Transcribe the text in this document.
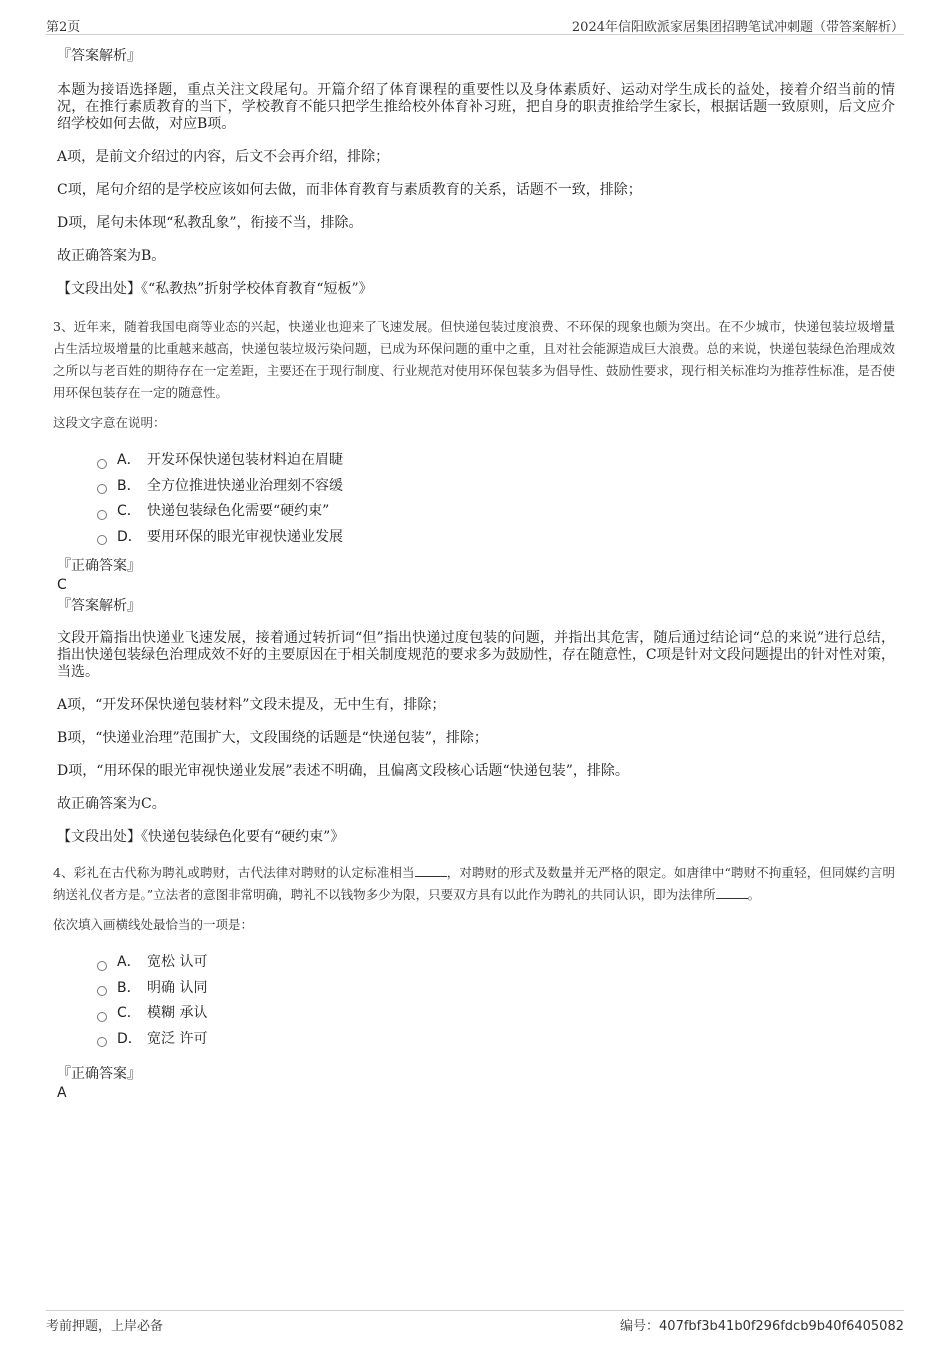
第2页	2024年信阳欧派家居集团招聘笔试冲刺题（带答案解析）

『答案解析』

本题为接语选择题，重点关注文段尾句。开篇介绍了体育课程的重要性以及身体素质好、运动对学生成长的益处，接着介绍当前的情况，在推行素质教育的当下，学校教育不能只把学生推给校外体育补习班，把自身的职责推给学生家长，根据话题一致原则，后文应介绍学校如何去做，对应B项。

A项，是前文介绍过的内容，后文不会再介绍，排除；

C项，尾句介绍的是学校应该如何去做，而非体育教育与素质教育的关系，话题不一致，排除；

D项，尾句未体现“私教乱象”，衔接不当，排除。

故正确答案为B。

【文段出处】《“私教热”折射学校体育教育“短板”》

3、近年来，随着我国电商等业态的兴起，快递业也迎来了飞速发展。但快递包装过度浪费、不环保的现象也颇为突出。在不少城市，快递包装垃圾增量占生活垃圾增量的比重越来越高，快递包装垃圾污染问题，已成为环保问题的重中之重，且对社会能源造成巨大浪费。总的来说，快递包装绿色治理成效之所以与老百姓的期待存在一定差距，主要还在于现行制度、行业规范对使用环保包装多为倡导性、鼓励性要求，现行相关标准均为推荐性标准，是否使用环保包装存在一定的随意性。

这段文字意在说明：

A． 开发环保快递包装材料迫在眉睫
B． 全方位推进快递业治理刻不容缓
C． 快递包装绿色化需要“硬约束”
D． 要用环保的眼光审视快递业发展

『正确答案』

C

『答案解析』

文段开篇指出快递业飞速发展，接着通过转折词“但”指出快递过度包装的问题，并指出其危害，随后通过结论词“总的来说”进行总结，指出快递包装绿色治理成效不好的主要原因在于相关制度规范的要求多为鼓励性，存在随意性，C项是针对文段问题提出的针对性对策，当选。

A项，“开发环保快递包装材料”文段未提及，无中生有，排除；

B项，“快递业治理”范围扩大，文段围绕的话题是“快递包装”，排除；

D项，“用环保的眼光审视快递业发展”表述不明确，且偏离文段核心话题“快递包装”，排除。

故正确答案为C。

【文段出处】《快递包装绿色化要有“硬约束”》

4、彩礼在古代称为聘礼或聘财，古代法律对聘财的认定标准相当	，对聘财的形式及数量并无严格的限定。如唐律中“聘财不拘重轻，但同媒约言明纳送礼仪者方是。”立法者的意图非常明确，聘礼不以钱物多少为限，只要双方具有以此作为聘礼的共同认识，即为法律所	。

依次填入画横线处最恰当的一项是：

A． 宽松 认可
B． 明确 认同
C． 模糊 承认
D． 宽泛 许可

『正确答案』

A

考前押题，上岸必备	编号：407fbf3b41b0f296fdcb9b40f6405082
